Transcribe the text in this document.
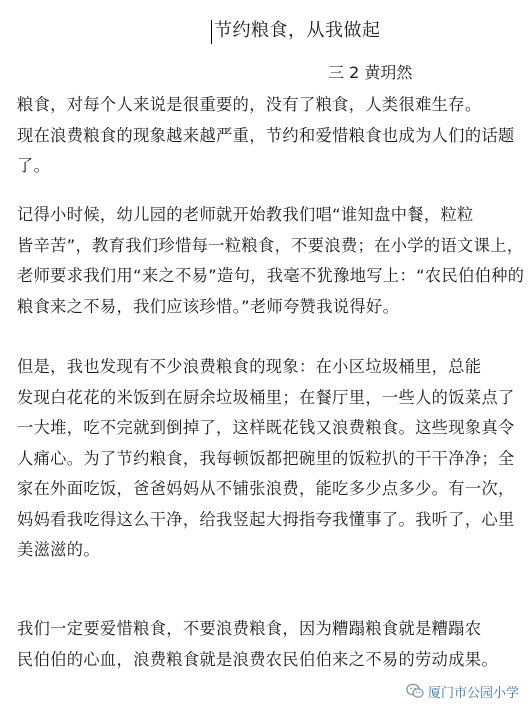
节约粮食，从我做起
三 2 黄玥然
粮食，对每个人来说是很重要的，没有了粮食，人类很难生存。
现在浪费粮食的现象越来越严重，节约和爱惜粮食也成为人们的话题
了。
记得小时候，幼儿园的老师就开始教我们唱“谁知盘中餐，粒粒
皆辛苦”，教育我们珍惜每一粒粮食，不要浪费；在小学的语文课上，
老师要求我们用“来之不易”造句，我毫不犹豫地写上：“农民伯伯种的
粮食来之不易，我们应该珍惜。”老师夸赞我说得好。
但是，我也发现有不少浪费粮食的现象：在小区垃圾桶里，总能
发现白花花的米饭到在厨余垃圾桶里；在餐厅里，一些人的饭菜点了
一大堆，吃不完就到倒掉了，这样既花钱又浪费粮食。这些现象真令
人痛心。为了节约粮食，我每顿饭都把碗里的饭粒扒的干干净净；全
家在外面吃饭，爸爸妈妈从不铺张浪费，能吃多少点多少。有一次，
妈妈看我吃得这么干净，给我竖起大拇指夸我懂事了。我听了，心里
美滋滋的。
我们一定要爱惜粮食，不要浪费粮食，因为糟蹋粮食就是糟蹋农
民伯伯的心血，浪费粮食就是浪费农民伯伯来之不易的劳动成果。
厦门市公园小学
